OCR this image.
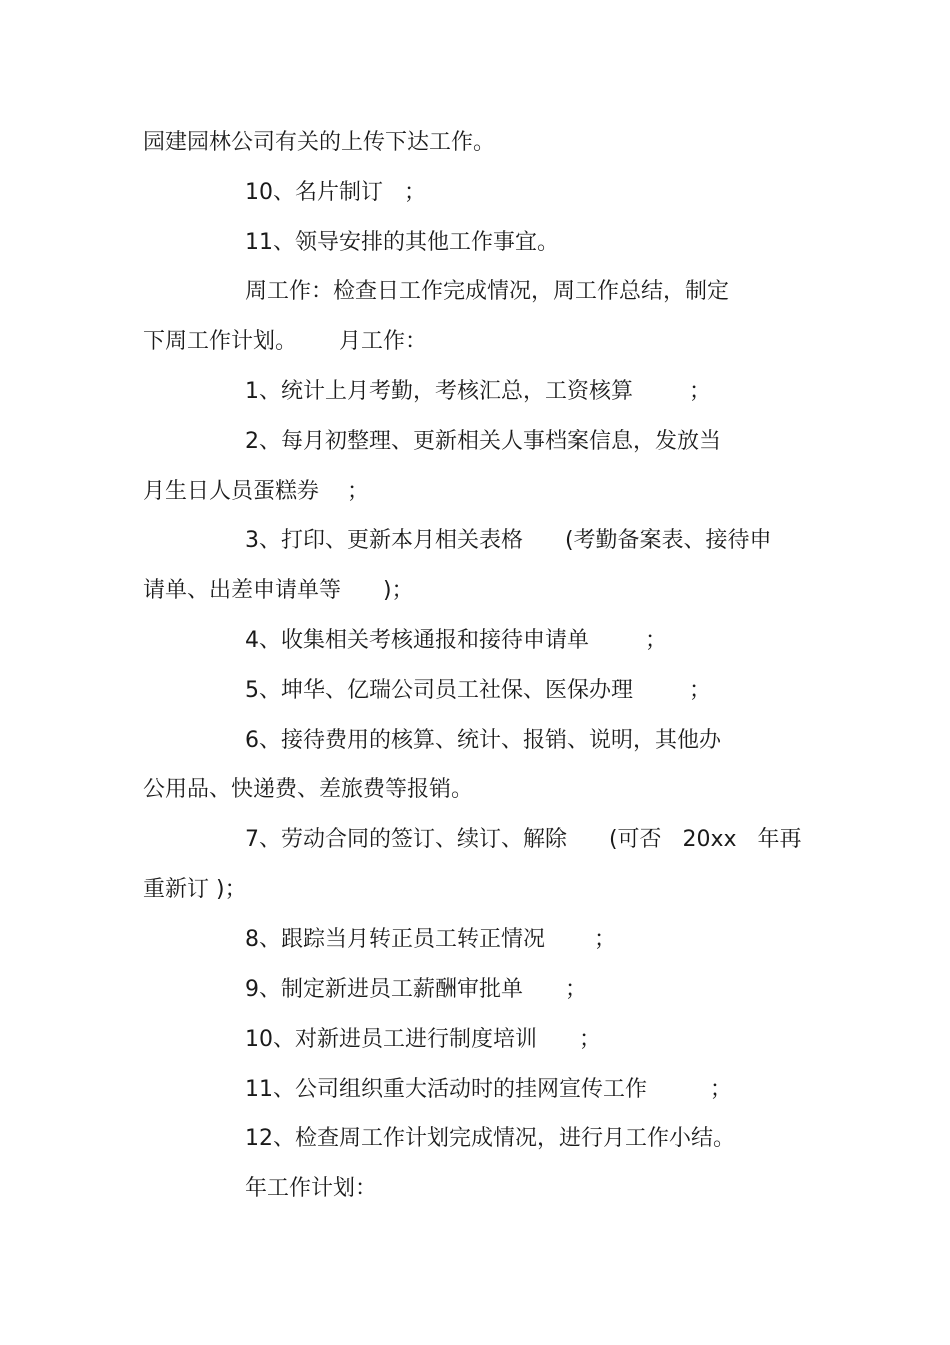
园建园林公司有关的上传下达工作。
10、名片制订   ；
11、领导安排的其他工作事宜。
周工作：检查日工作完成情况，周工作总结，制定
下周工作计划。      月工作：
1、统计上月考勤，考核汇总，工资核算        ；
2、每月初整理、更新相关人事档案信息，发放当
月生日人员蛋糕券    ；
3、打印、更新本月相关表格      (考勤备案表、接待申
请单、出差申请单等      )；
4、收集相关考核通报和接待申请单        ；
5、坤华、亿瑞公司员工社保、医保办理        ；
6、接待费用的核算、统计、报销、说明，其他办
公用品、快递费、差旅费等报销。
7、劳动合同的签订、续订、解除      (可否   20xx   年再
重新订 )；
8、跟踪当月转正员工转正情况       ；
9、制定新进员工薪酬审批单      ；
10、对新进员工进行制度培训      ；
11、公司组织重大活动时的挂网宣传工作         ；
12、检查周工作计划完成情况，进行月工作小结。
年工作计划：
